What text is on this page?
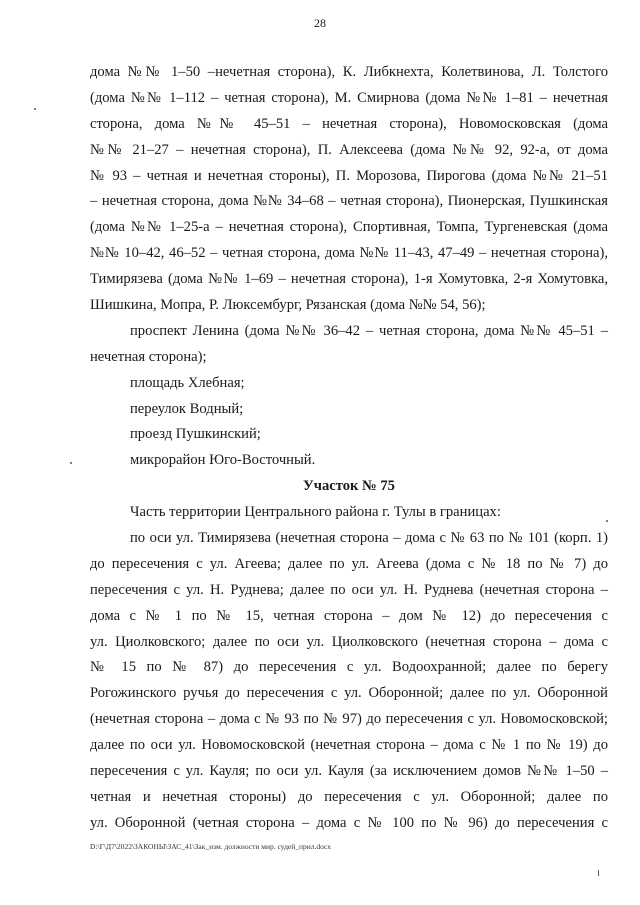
28
дома №№ 1–50 –нечетная сторона), К. Либкнехта, Колетвинова, Л. Толстого
(дома №№ 1–112 – четная сторона), М. Смирнова (дома №№ 1–81 – нечетная
сторона, дома №№ 45–51 – нечетная сторона), Новомосковская (дома
№№ 21–27 – нечетная сторона), П. Алексеева (дома №№ 92, 92-а, от дома
№ 93 – четная и нечетная стороны), П. Морозова, Пирогова (дома №№ 21–51
– нечетная сторона, дома №№ 34–68 – четная сторона), Пионерская, Пушкинская
(дома №№ 1–25-а – нечетная сторона), Спортивная, Томпа, Тургеневская (дома
№№ 10–42, 46–52 – четная сторона, дома №№ 11–43, 47–49 – нечетная сторона),
Тимирязева (дома №№ 1–69 – нечетная сторона), 1-я Хомутовка, 2-я Хомутовка,
Шишкина, Мопра, Р. Люксембург, Рязанская (дома №№ 54, 56);
проспект Ленина (дома №№ 36–42 – четная сторона, дома №№ 45–51 –
нечетная сторона);
площадь Хлебная;
переулок Водный;
проезд Пушкинский;
микрорайон Юго-Восточный.
Участок № 75
Часть территории Центрального района г. Тулы в границах:
по оси ул. Тимирязева (нечетная сторона – дома с № 63 по № 101 (корп. 1)
до пересечения с ул. Агеева; далее по ул. Агеева (дома с № 18 по № 7) до
пересечения с ул. Н. Руднева; далее по оси ул. Н. Руднева (нечетная сторона –
дома с № 1 по № 15, четная сторона – дом № 12) до пересечения с
ул. Циолковского; далее по оси ул. Циолковского (нечетная сторона – дома с
№ 15 по № 87) до пересечения с ул. Водоохранной; далее по берегу
Рогожинского ручья до пересечения с ул. Оборонной; далее по ул. Оборонной
(нечетная сторона – дома с № 93 по № 97) до пересечения с ул. Новомосковской;
далее по оси ул. Новомосковской (нечетная сторона – дома с № 1 по № 19) до
пересечения с ул. Кауля; по оси ул. Кауля (за исключением домов №№ 1–50 –
четная и нечетная стороны) до пересечения с ул. Оборонной; далее по
ул. Оборонной (четная сторона – дома с № 100 по № 96) до пересечения с
D:\Г\Д7\2022\ЗАКОНЫ\ЗАС_41\Зак_изм. должности мир. судей_прил.docx
